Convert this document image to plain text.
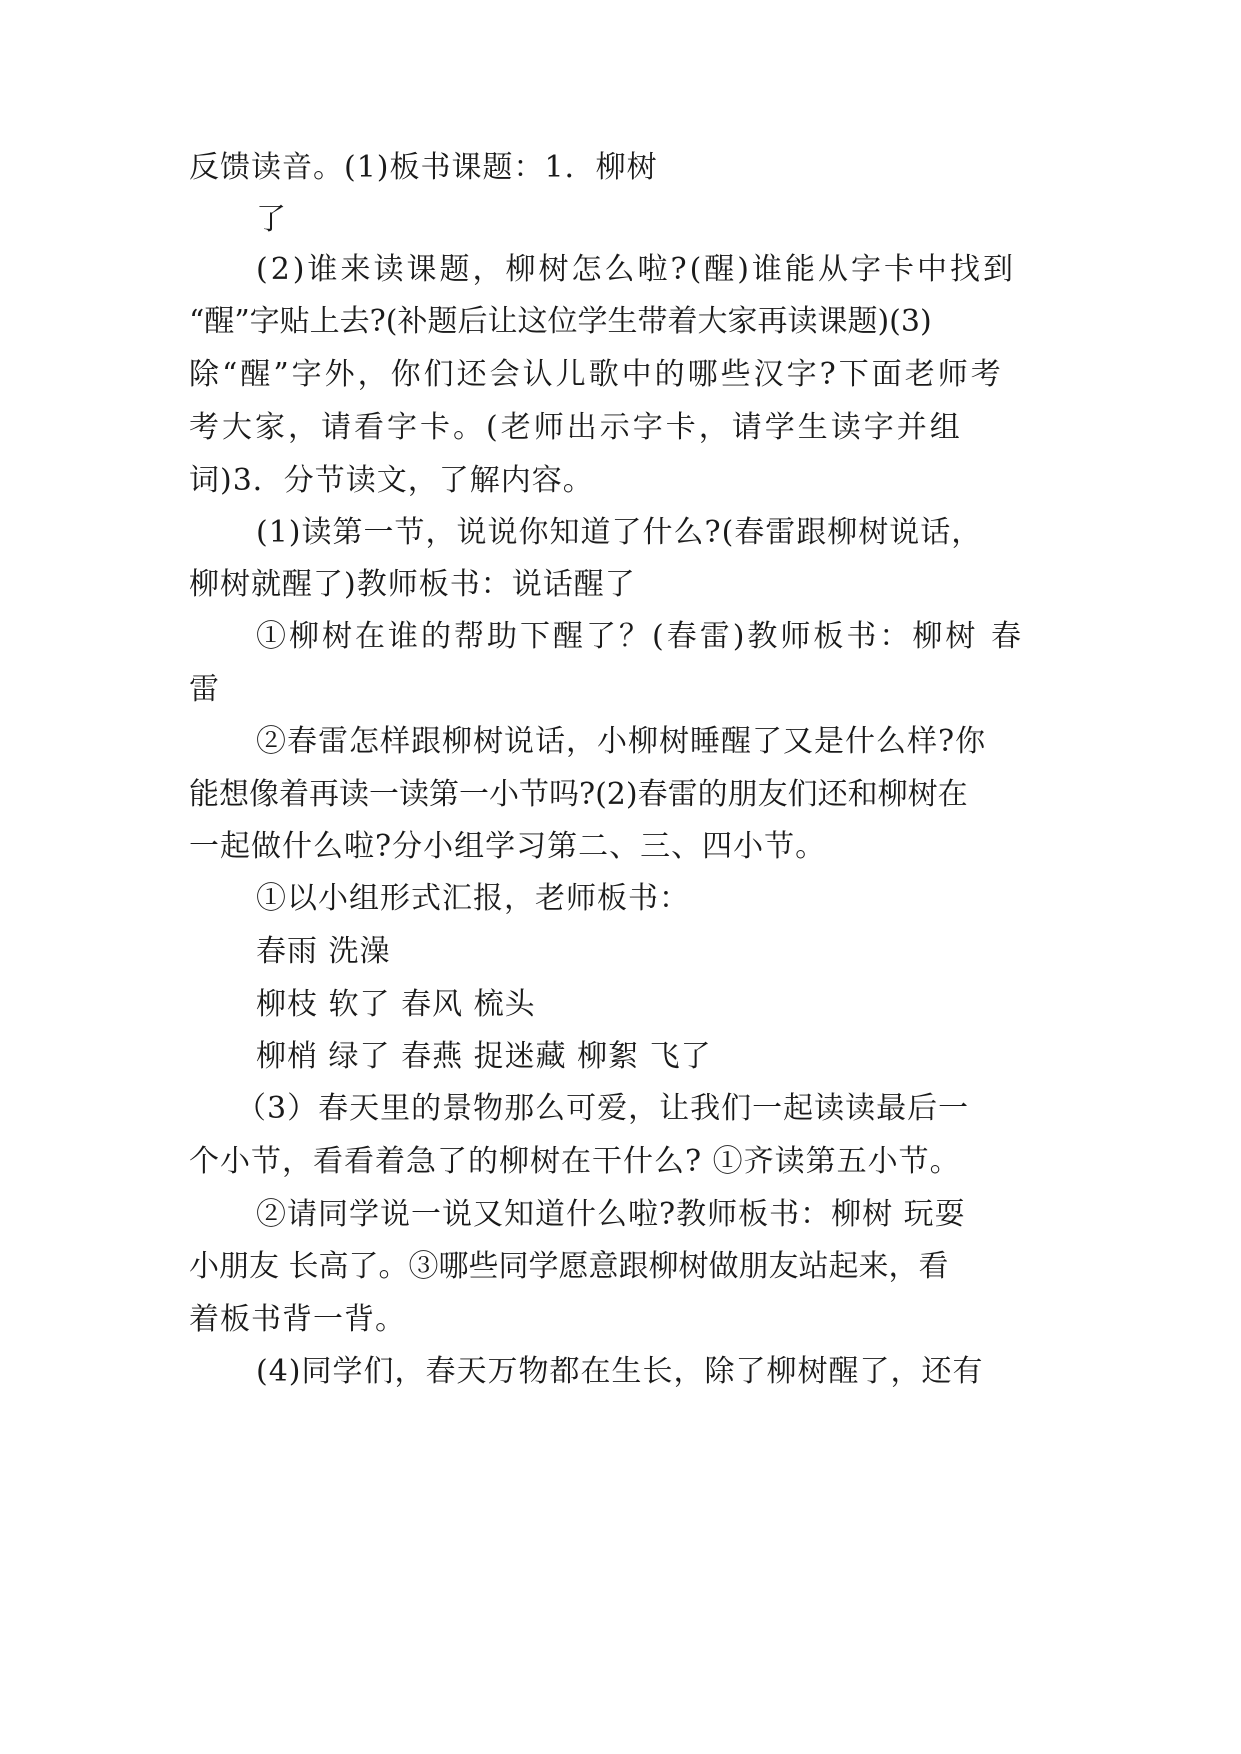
反馈读音。(1)板书课题：1．柳树
了
(2)谁来读课题，柳树怎么啦?(醒)谁能从字卡中找到
“醒”字贴上去?(补题后让这位学生带着大家再读课题)(3)
除“醒”字外，你们还会认儿歌中的哪些汉字?下面老师考
考大家，请看字卡。(老师出示字卡，请学生读字并组
词)3．分节读文，了解内容。
(1)读第一节，说说你知道了什么?(春雷跟柳树说话，
柳树就醒了)教师板书：说话醒了
①柳树在谁的帮助下醒了？(春雷)教师板书：柳树 春
雷
②春雷怎样跟柳树说话，小柳树睡醒了又是什么样?你
能想像着再读一读第一小节吗?(2)春雷的朋友们还和柳树在
一起做什么啦?分小组学习第二、三、四小节。
①以小组形式汇报，老师板书：
春雨 洗澡
柳枝 软了 春风 梳头
柳梢 绿了 春燕 捉迷藏 柳絮 飞了
（3）春天里的景物那么可爱，让我们一起读读最后一
个小节，看看着急了的柳树在干什么? ①齐读第五小节。
②请同学说一说又知道什么啦?教师板书：柳树 玩耍
小朋友 长高了。③哪些同学愿意跟柳树做朋友站起来，看
着板书背一背。
(4)同学们，春天万物都在生长，除了柳树醒了，还有
